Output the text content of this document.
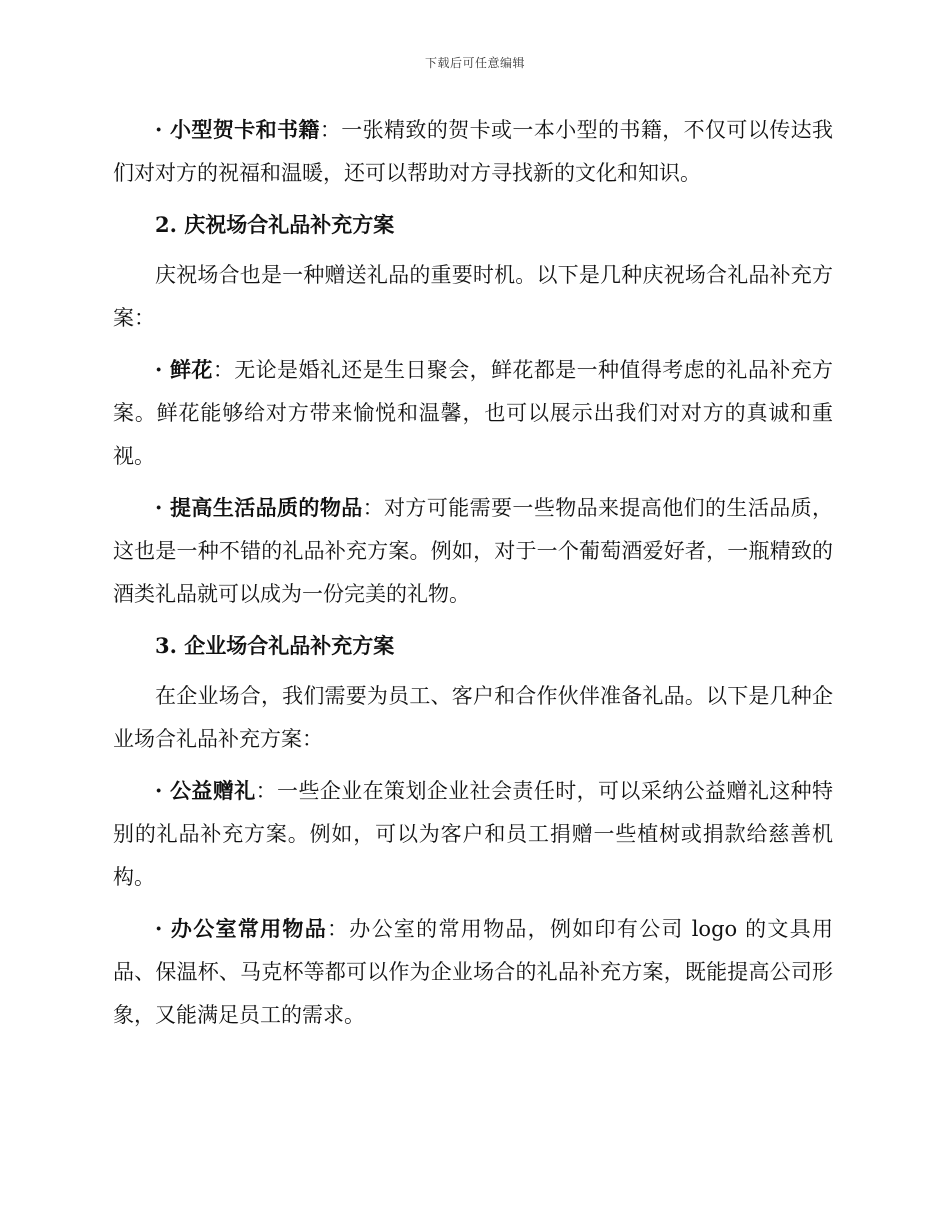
下载后可任意编辑

· 小型贺卡和书籍：一张精致的贺卡或一本小型的书籍，不仅可以传达我们对对方的祝福和温暖，还可以帮助对方寻找新的文化和知识。

2. 庆祝场合礼品补充方案

庆祝场合也是一种赠送礼品的重要时机。以下是几种庆祝场合礼品补充方案：

· 鲜花：无论是婚礼还是生日聚会，鲜花都是一种值得考虑的礼品补充方案。鲜花能够给对方带来愉悦和温馨，也可以展示出我们对对方的真诚和重视。

· 提高生活品质的物品：对方可能需要一些物品来提高他们的生活品质，这也是一种不错的礼品补充方案。例如，对于一个葡萄酒爱好者，一瓶精致的酒类礼品就可以成为一份完美的礼物。

3. 企业场合礼品补充方案

在企业场合，我们需要为员工、客户和合作伙伴准备礼品。以下是几种企业场合礼品补充方案：

· 公益赠礼：一些企业在策划企业社会责任时，可以采纳公益赠礼这种特别的礼品补充方案。例如，可以为客户和员工捐赠一些植树或捐款给慈善机构。

· 办公室常用物品：办公室的常用物品，例如印有公司 logo 的文具用品、保温杯、马克杯等都可以作为企业场合的礼品补充方案，既能提高公司形象，又能满足员工的需求。
